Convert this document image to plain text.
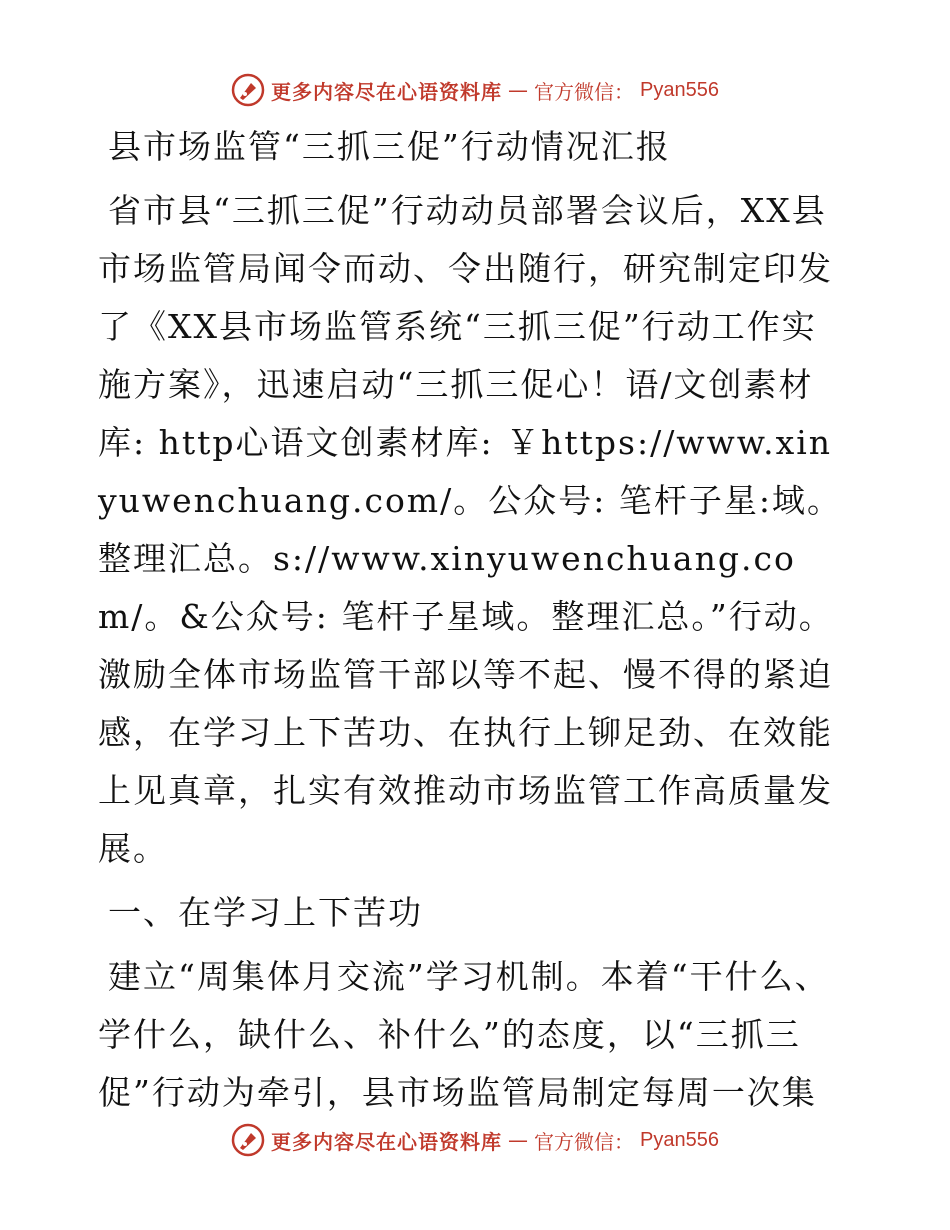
更多内容尽在心语资料库 — 官方微信： Pyan556
县市场监管“三抓三促”行动情况汇报

省市县“三抓三促”行动动员部署会议后，XX县市场监管局闻令而动、令出随行，研究制定印发了《XX县市场监管系统“三抓三促”行动工作实施方案》，迅速启动“三抓三促心！语/文创素材库: http心语文创素材库: ￥https://www.xinyuwenchuang.com/。公众号: 笔杆子星:域。整理汇总。s://www.xinyuwenchuang.com/。&公众号: 笔杆子星域。整理汇总。”行动。激励全体市场监管干部以等不起、慢不得的紧迫感，在学习上下苦功、在执行上铆足劲、在效能上见真章，扎实有效推动市场监管工作高质量发展。

一、在学习上下苦功

建立“周集体月交流”学习机制。本着“干什么、学什么，缺什么、补什么”的态度，以“三抓三促”行动为牵引，县市场监管局制定每周一次集

更多内容尽在心语资料库 — 官方微信： Pyan556
